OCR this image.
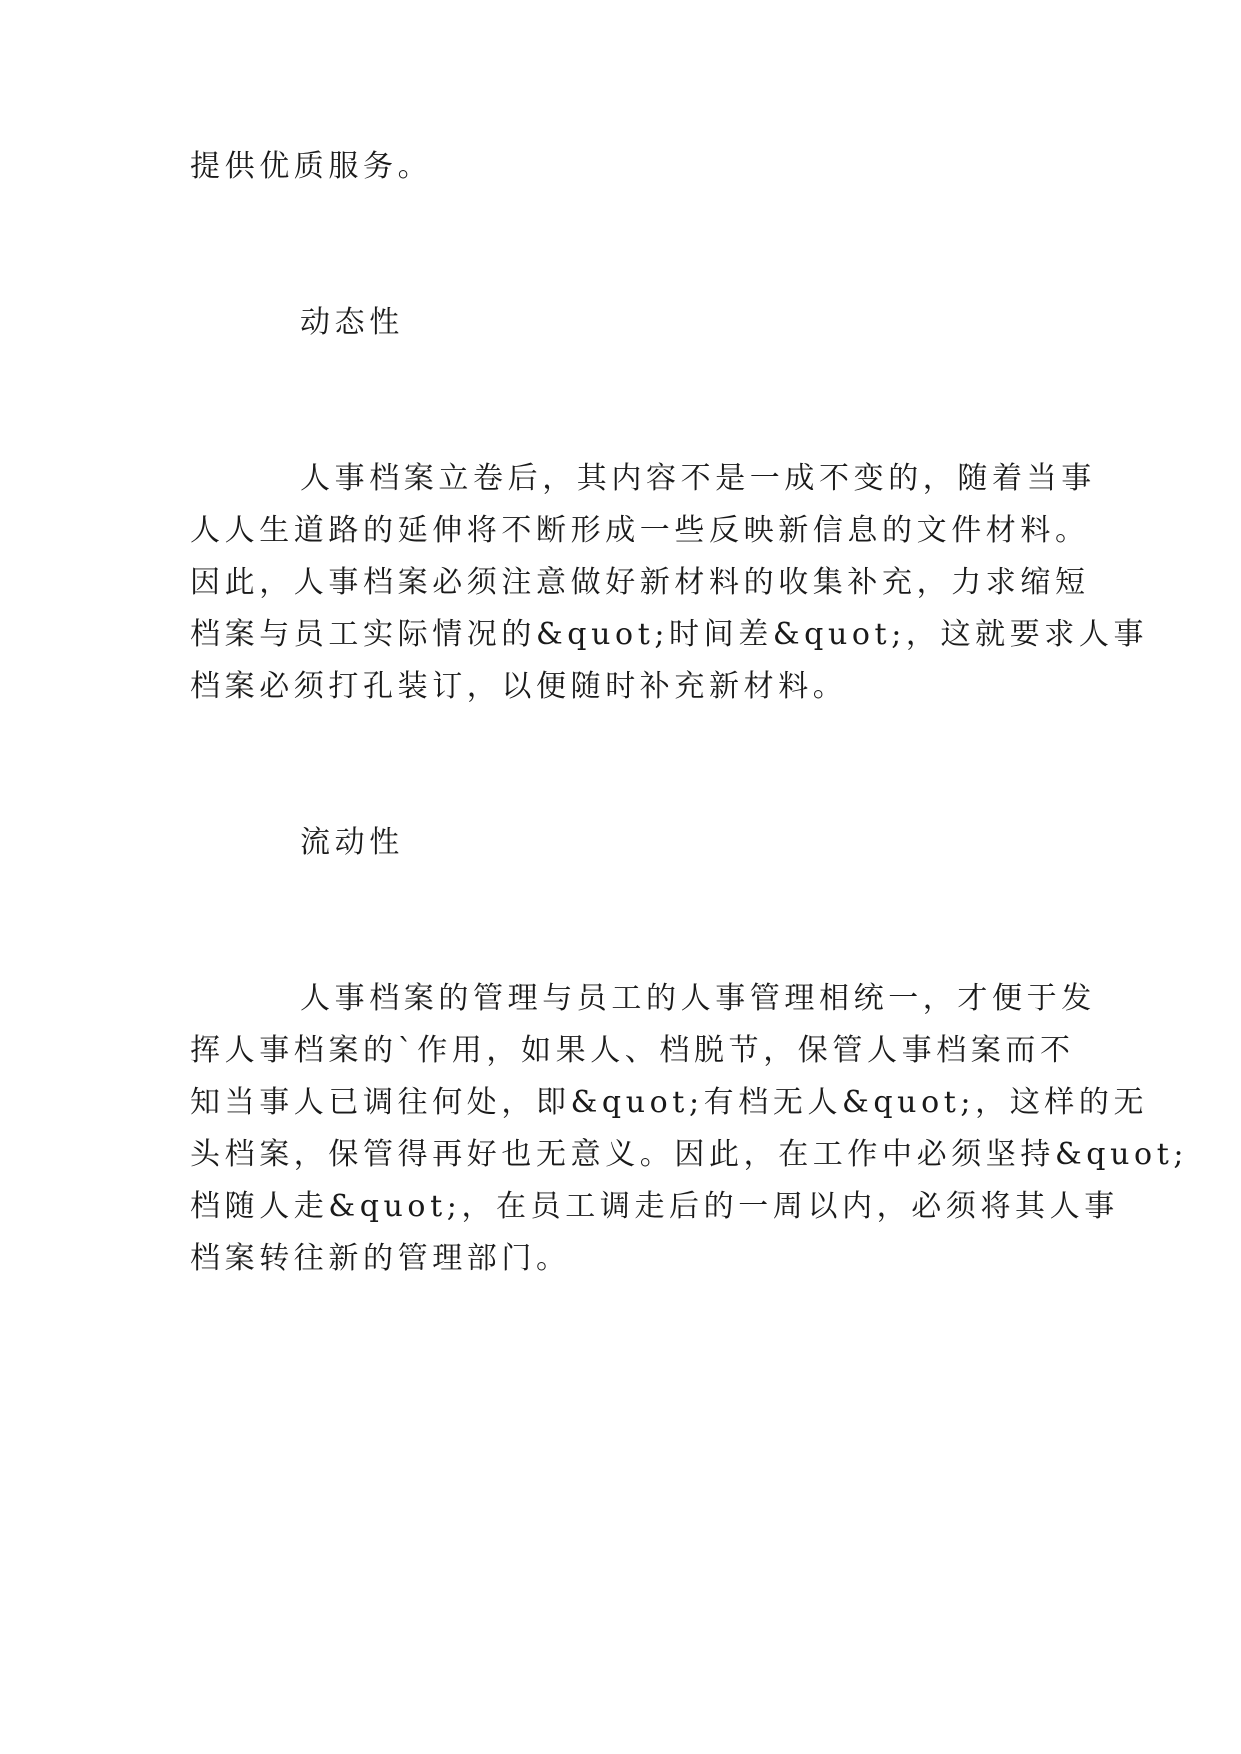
提供优质服务。
动态性
人事档案立卷后，其内容不是一成不变的，随着当事
人人生道路的延伸将不断形成一些反映新信息的文件材料。
因此，人事档案必须注意做好新材料的收集补充，力求缩短
档案与员工实际情况的&quot;时间差&quot;，这就要求人事
档案必须打孔装订，以便随时补充新材料。
流动性
人事档案的管理与员工的人事管理相统一，才便于发
挥人事档案的`作用，如果人、档脱节，保管人事档案而不
知当事人已调往何处，即&quot;有档无人&quot;，这样的无
头档案，保管得再好也无意义。因此，在工作中必须坚持&quot;
档随人走&quot;，在员工调走后的一周以内，必须将其人事
档案转往新的管理部门。
